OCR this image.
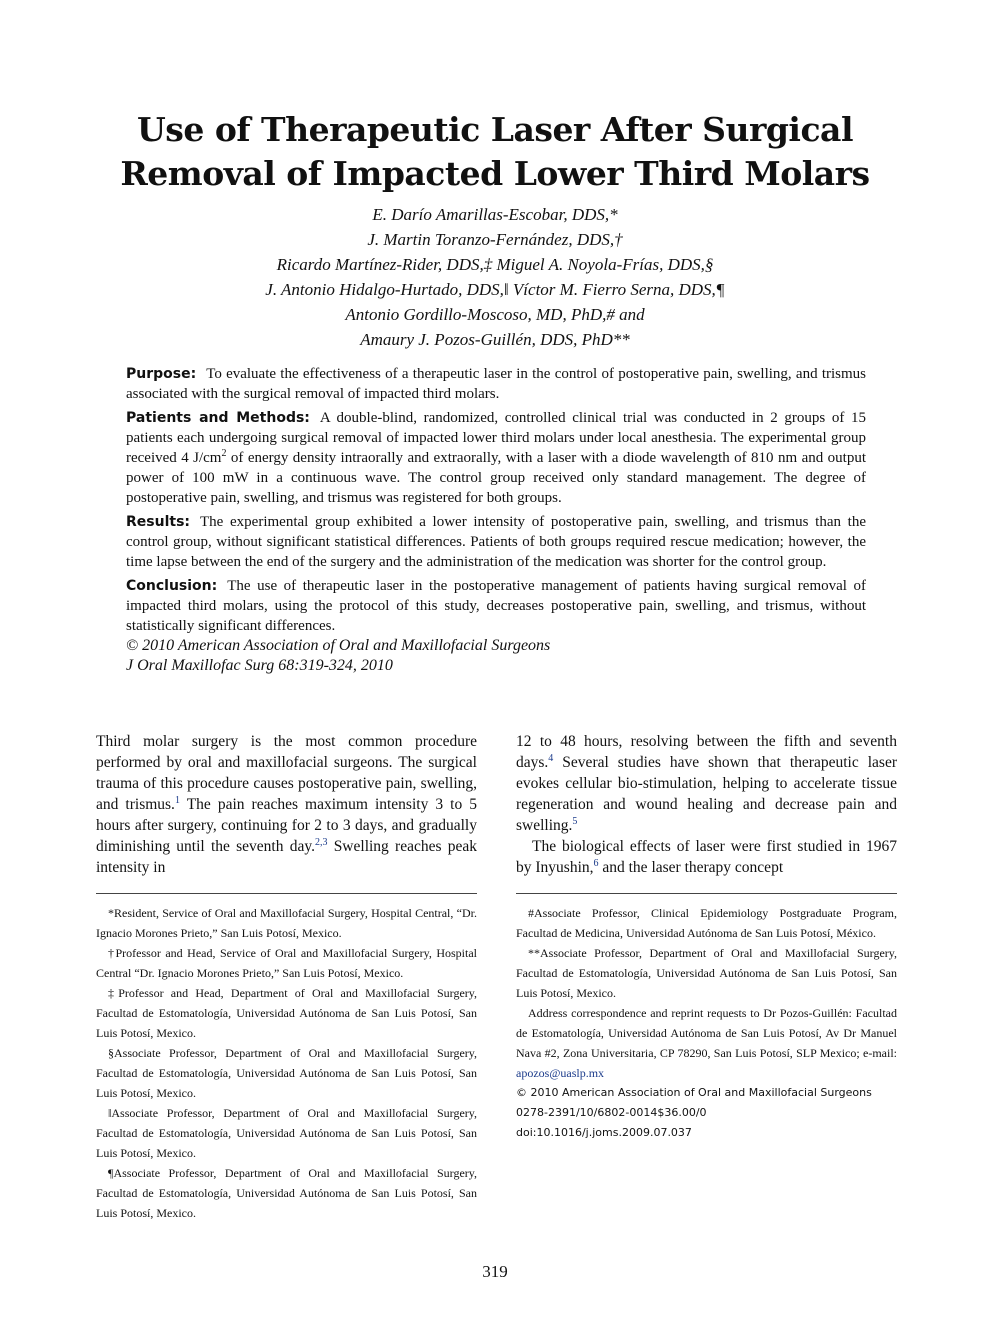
Use of Therapeutic Laser After Surgical
Removal of Impacted Lower Third Molars
E. Darío Amarillas-Escobar, DDS,*
J. Martin Toranzo-Fernández, DDS,†
Ricardo Martínez-Rider, DDS,‡ Miguel A. Noyola-Frías, DDS,§
J. Antonio Hidalgo-Hurtado, DDS,‖ Víctor M. Fierro Serna, DDS,¶
Antonio Gordillo-Moscoso, MD, PhD,# and
Amaury J. Pozos-Guillén, DDS, PhD**

Purpose: To evaluate the effectiveness of a therapeutic laser in the control of postoperative pain, swelling, and trismus associated with the surgical removal of impacted third molars.

Patients and Methods: A double-blind, randomized, controlled clinical trial was conducted in 2 groups of 15 patients each undergoing surgical removal of impacted lower third molars under local anesthesia. The experimental group received 4 $J/cm^2$ of energy density intraorally and extraorally, with a laser with a diode wavelength of 810 nm and output power of 100 mW in a continuous wave. The control group received only standard management. The degree of postoperative pain, swelling, and trismus was registered for both groups.

Results: The experimental group exhibited a lower intensity of postoperative pain, swelling, and trismus than the control group, without significant statistical differences. Patients of both groups required rescue medication; however, the time lapse between the end of the surgery and the administration of the medication was shorter for the control group.

Conclusion: The use of therapeutic laser in the postoperative management of patients having surgical removal of impacted third molars, using the protocol of this study, decreases postoperative pain, swelling, and trismus, without statistically significant differences.

© 2010 American Association of Oral and Maxillofacial Surgeons

J Oral Maxillofac Surg 68:319-324, 2010

Third molar surgery is the most common procedure performed by oral and maxillofacial surgeons. The surgical trauma of this procedure causes postoperative pain, swelling, and trismus.$^1$ The pain reaches maximum intensity 3 to 5 hours after surgery, continuing for 2 to 3 days, and gradually diminishing until the seventh day.$^{2,3}$ Swelling reaches peak intensity in

12 to 48 hours, resolving between the fifth and seventh days.$^4$ Several studies have shown that therapeutic laser evokes cellular bio-stimulation, helping to accelerate tissue regeneration and wound healing and decrease pain and swelling.$^5$

The biological effects of laser were first studied in 1967 by Inyushin,$^6$ and the laser therapy concept

*Resident, Service of Oral and Maxillofacial Surgery, Hospital Central, “Dr. Ignacio Morones Prieto,” San Luis Potosí, Mexico.

†Professor and Head, Service of Oral and Maxillofacial Surgery, Hospital Central “Dr. Ignacio Morones Prieto,” San Luis Potosí, Mexico.

‡Professor and Head, Department of Oral and Maxillofacial Surgery, Facultad de Estomatología, Universidad Autónoma de San Luis Potosí, San Luis Potosí, Mexico.

§Associate Professor, Department of Oral and Maxillofacial Surgery, Facultad de Estomatología, Universidad Autónoma de San Luis Potosí, San Luis Potosí, Mexico.

‖Associate Professor, Department of Oral and Maxillofacial Surgery, Facultad de Estomatología, Universidad Autónoma de San Luis Potosí, San Luis Potosí, Mexico.

¶Associate Professor, Department of Oral and Maxillofacial Surgery, Facultad de Estomatología, Universidad Autónoma de San Luis Potosí, San Luis Potosí, Mexico.

#Associate Professor, Clinical Epidemiology Postgraduate Program, Facultad de Medicina, Universidad Autónoma de San Luis Potosí, México.

**Associate Professor, Department of Oral and Maxillofacial Surgery, Facultad de Estomatología, Universidad Autónoma de San Luis Potosí, San Luis Potosí, Mexico.

Address correspondence and reprint requests to Dr Pozos-Guillén: Facultad de Estomatología, Universidad Autónoma de San Luis Potosí, Av Dr Manuel Nava #2, Zona Universitaria, CP 78290, San Luis Potosí, SLP Mexico; e-mail: apozos@uaslp.mx

© 2010 American Association of Oral and Maxillofacial Surgeons

0278-2391/10/6802-0014$36.00/0

doi:10.1016/j.joms.2009.07.037

319
